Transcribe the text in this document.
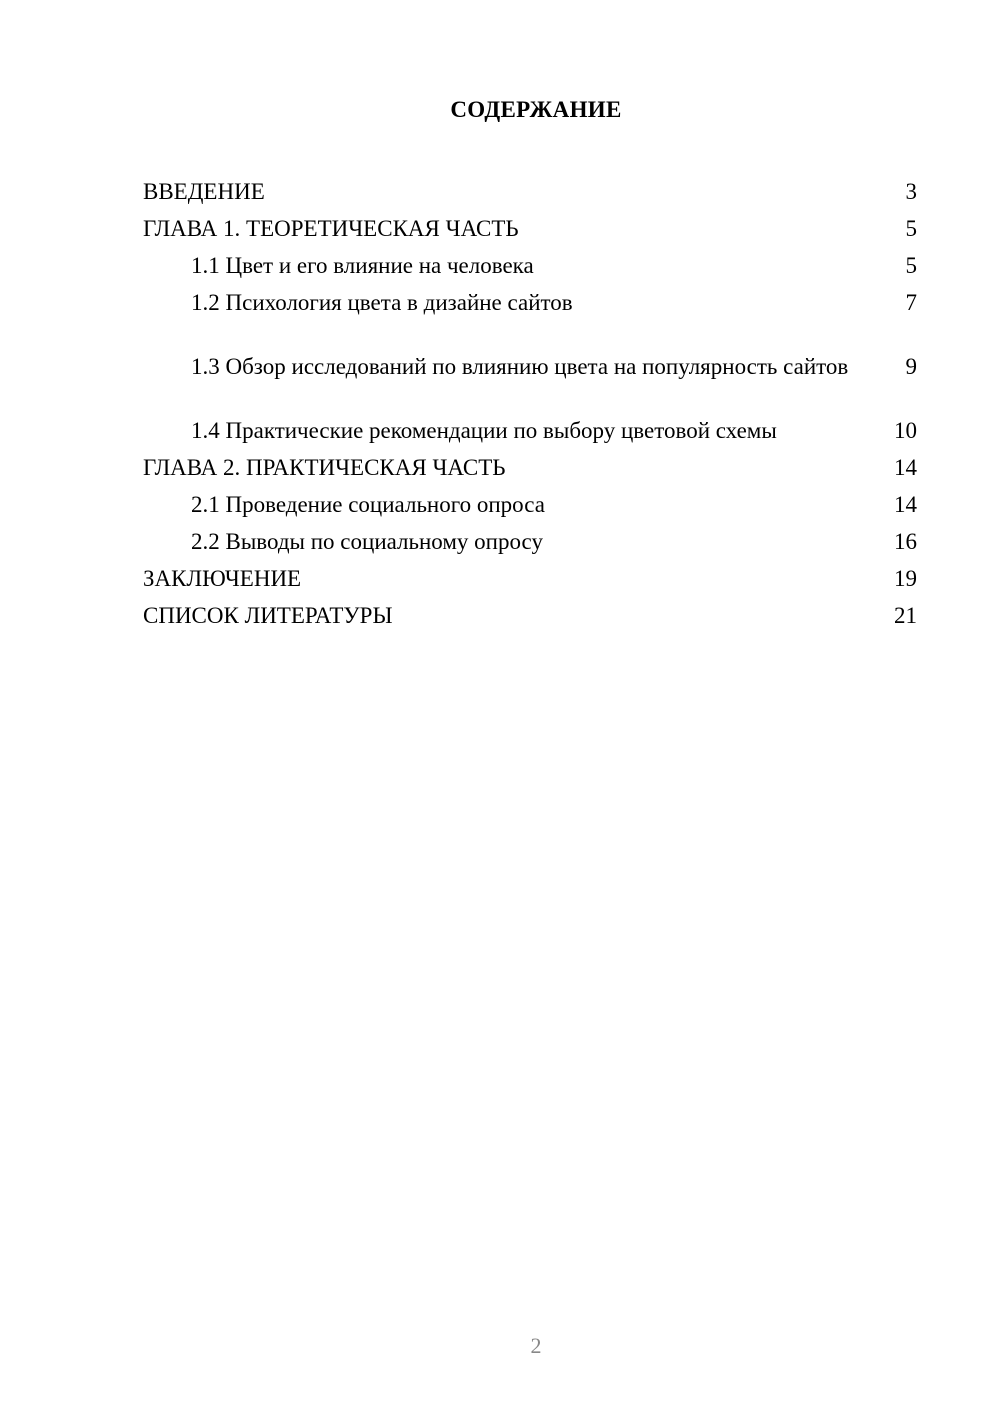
СОДЕРЖАНИЕ
ВВЕДЕНИЕ	3
ГЛАВА 1. ТЕОРЕТИЧЕСКАЯ ЧАСТЬ	5
1.1 Цвет и его влияние на человека	5
1.2 Психология цвета в дизайне сайтов	7
1.3 Обзор исследований по влиянию цвета на популярность сайтов 9
1.4 Практические рекомендации по выбору цветовой схемы	10
ГЛАВА 2. ПРАКТИЧЕСКАЯ ЧАСТЬ	14
2.1 Проведение социального опроса	14
2.2 Выводы по социальному опросу	16
ЗАКЛЮЧЕНИЕ	19
СПИСОК ЛИТЕРАТУРЫ	21
2
